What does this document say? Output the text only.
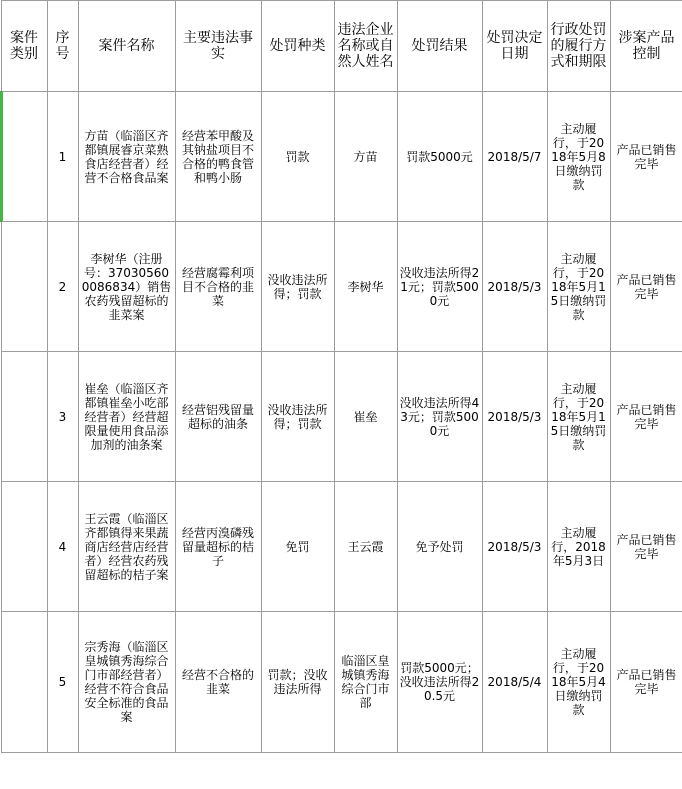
案件类别	序号	案件名称	主要违法事实	处罚种类	违法企业名称或自然人姓名	处罚结果	处罚决定日期	行政处罚的履行方式和期限	涉案产品控制
	1	方苗（临淄区齐都镇展睿京菜熟食店经营者）经营不合格食品案	经营苯甲酸及其钠盐项目不合格的鸭食管和鸭小肠	罚款	方苗	罚款5000元	2018/5/7	主动履行，于2018年5月8日缴纳罚款	产品已销售完毕
	2	李树华（注册号：370305600086834）销售农药残留超标的韭菜案	经营腐霉利项目不合格的韭菜	没收违法所得；罚款	李树华	没收违法所得21元；罚款5000元	2018/5/3	主动履行，于2018年5月15日缴纳罚款	产品已销售完毕
	3	崔垒（临淄区齐都镇崔垒小吃部经营者）经营超限量使用食品添加剂的油条案	经营铝残留量超标的油条	没收违法所得；罚款	崔垒	没收违法所得43元；罚款5000元	2018/5/3	主动履行，于2018年5月15日缴纳罚款	产品已销售完毕
	4	王云霞（临淄区齐都镇得来果蔬商店经营店经营者）经营农药残留超标的桔子案	经营丙溴磷残留量超标的桔子	免罚	王云霞	免予处罚	2018/5/3	主动履行，2018年5月3日	产品已销售完毕
	5	宗秀海（临淄区皇城镇秀海综合门市部经营者）经营不符合食品安全标准的食品案	经营不合格的韭菜	罚款；没收违法所得	临淄区皇城镇秀海综合门市部	罚款5000元；没收违法所得20.5元	2018/5/4	主动履行，于2018年5月4日缴纳罚款	产品已销售完毕
